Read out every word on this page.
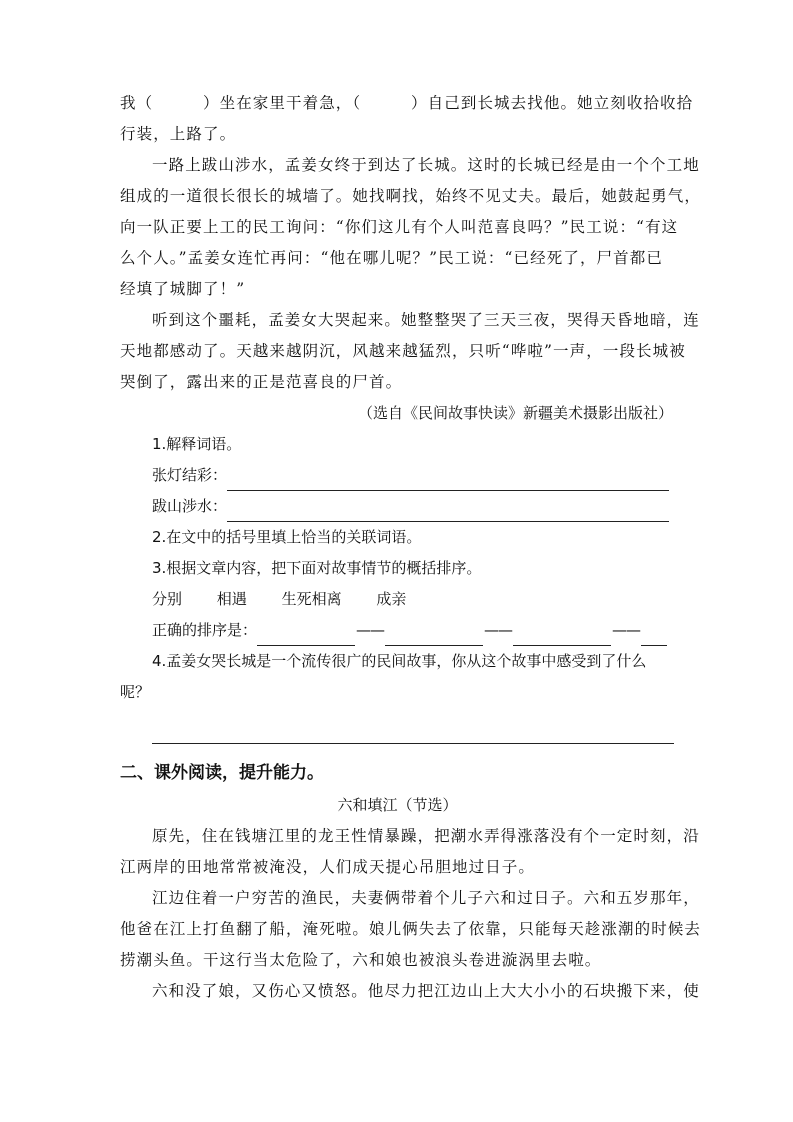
我（　　　）坐在家里干着急，（　　　）自己到长城去找他。她立刻收拾收拾
行装，上路了。
一路上跋山涉水，孟姜女终于到达了长城。这时的长城已经是由一个个工地
组成的一道很长很长的城墙了。她找啊找，始终不见丈夫。最后，她鼓起勇气，
向一队正要上工的民工询问：“你们这儿有个人叫范喜良吗？”民工说：“有这
么个人。”孟姜女连忙再问：“他在哪儿呢？”民工说：“已经死了，尸首都已
经填了城脚了！”
听到这个噩耗，孟姜女大哭起来。她整整哭了三天三夜，哭得天昏地暗，连
天地都感动了。天越来越阴沉，风越来越猛烈，只听“哗啦”一声，一段长城被
哭倒了，露出来的正是范喜良的尸首。
（选自《民间故事快读》新疆美术摄影出版社）
1.解释词语。
张灯结彩：
跋山涉水：
2.在文中的括号里填上恰当的关联词语。
3.根据文章内容，把下面对故事情节的概括排序。
分别 相遇 生死相离 成亲
正确的排序是：	——	——	——
4.孟姜女哭长城是一个流传很广的民间故事，你从这个故事中感受到了什么
呢？
二、课外阅读，提升能力。
六和填江（节选）
原先，住在钱塘江里的龙王性情暴躁，把潮水弄得涨落没有个一定时刻，沿
江两岸的田地常常被淹没，人们成天提心吊胆地过日子。
江边住着一户穷苦的渔民，夫妻俩带着个儿子六和过日子。六和五岁那年，
他爸在江上打鱼翻了船，淹死啦。娘儿俩失去了依靠，只能每天趁涨潮的时候去
捞潮头鱼。干这行当太危险了，六和娘也被浪头卷进漩涡里去啦。
六和没了娘，又伤心又愤怒。他尽力把江边山上大大小小的石块搬下来，使
